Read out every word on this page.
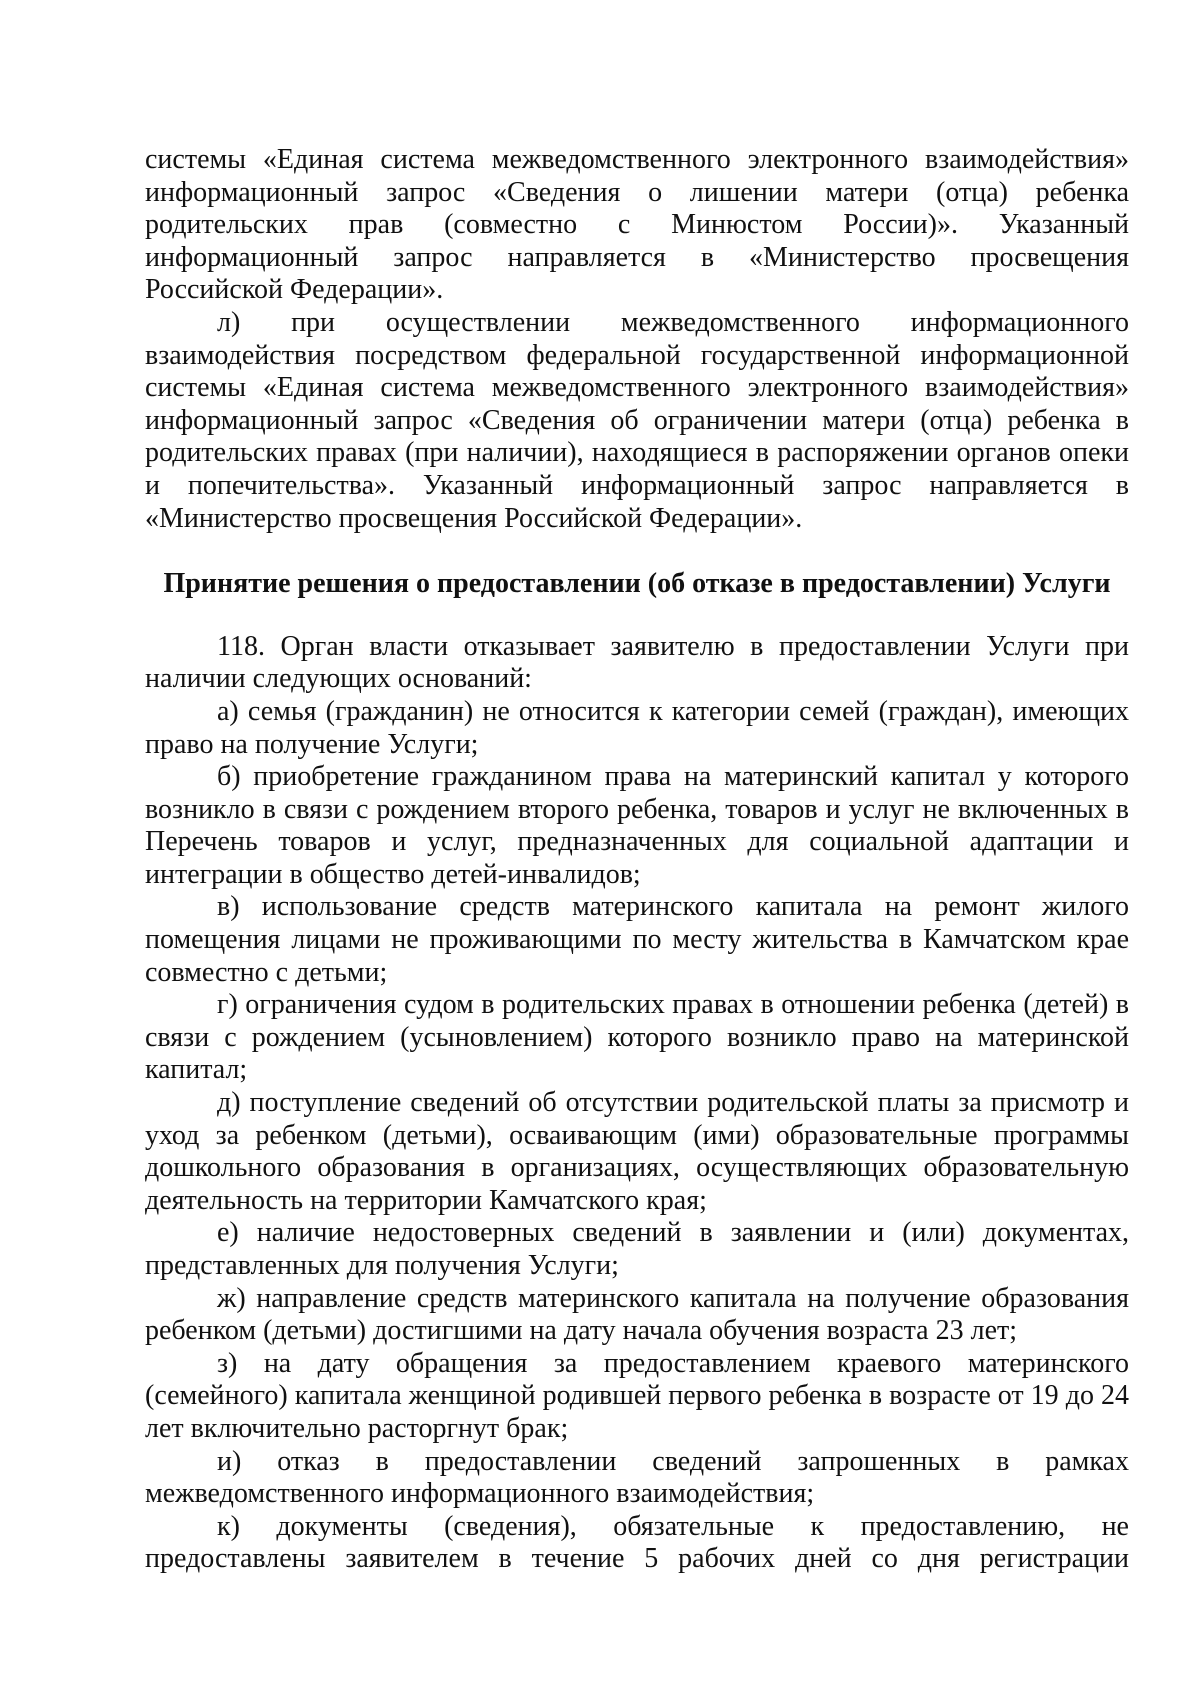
системы «Единая система межведомственного электронного взаимодействия» информационный запрос «Сведения о лишении матери (отца) ребенка родительских прав (совместно с Минюстом России)». Указанный информационный запрос направляется в «Министерство просвещения Российской Федерации».

л) при осуществлении межведомственного информационного взаимодействия посредством федеральной государственной информационной системы «Единая система межведомственного электронного взаимодействия» информационный запрос «Сведения об ограничении матери (отца) ребенка в родительских правах (при наличии), находящиеся в распоряжении органов опеки и попечительства». Указанный информационный запрос направляется в «Министерство просвещения Российской Федерации».

Принятие решения о предоставлении (об отказе в предоставлении) Услуги

118. Орган власти отказывает заявителю в предоставлении Услуги при наличии следующих оснований:

а) семья (гражданин) не относится к категории семей (граждан), имеющих право на получение Услуги;

б) приобретение гражданином права на материнский капитал у которого возникло в связи с рождением второго ребенка, товаров и услуг не включенных в Перечень товаров и услуг, предназначенных для социальной адаптации и интеграции в общество детей-инвалидов;

в) использование средств материнского капитала на ремонт жилого помещения лицами не проживающими по месту жительства в Камчатском крае совместно с детьми;

г) ограничения судом в родительских правах в отношении ребенка (детей) в связи с рождением (усыновлением) которого возникло право на материнской капитал;

д) поступление сведений об отсутствии родительской платы за присмотр и уход за ребенком (детьми), осваивающим (ими) образовательные программы дошкольного образования в организациях, осуществляющих образовательную деятельность на территории Камчатского края;

е) наличие недостоверных сведений в заявлении и (или) документах, представленных для получения Услуги;

ж) направление средств материнского капитала на получение образования ребенком (детьми) достигшими на дату начала обучения возраста 23 лет;

з) на дату обращения за предоставлением краевого материнского (семейного) капитала женщиной родившей первого ребенка в возрасте от 19 до 24 лет включительно расторгнут брак;

и) отказ в предоставлении сведений запрошенных в рамках межведомственного информационного взаимодействия;

к) документы (сведения), обязательные к предоставлению, не предоставлены заявителем в течение 5 рабочих дней со дня регистрации
